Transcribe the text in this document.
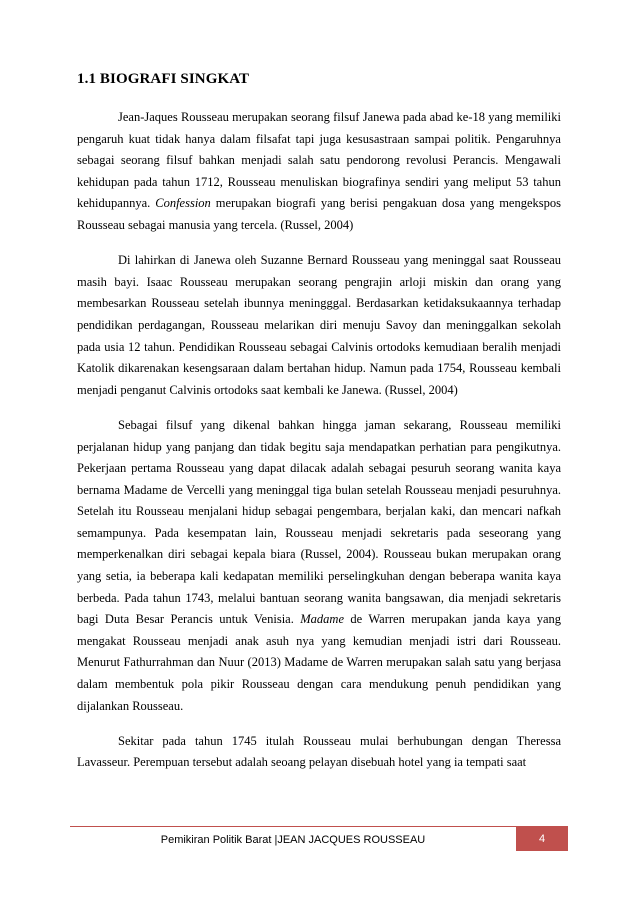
1.1 BIOGRAFI SINGKAT

Jean-Jaques Rousseau merupakan seorang filsuf Janewa pada abad ke-18 yang memiliki pengaruh kuat tidak hanya dalam filsafat tapi juga kesusastraan sampai politik. Pengaruhnya sebagai seorang filsuf bahkan menjadi salah satu pendorong revolusi Perancis. Mengawali kehidupan pada tahun 1712, Rousseau menuliskan biografinya sendiri yang meliput 53 tahun kehidupannya. Confession merupakan biografi yang berisi pengakuan dosa yang mengekspos Rousseau sebagai manusia yang tercela. (Russel, 2004)

Di lahirkan di Janewa oleh Suzanne Bernard Rousseau yang meninggal saat Rousseau masih bayi. Isaac Rousseau merupakan seorang pengrajin arloji miskin dan orang yang membesarkan Rousseau setelah ibunnya meningggal. Berdasarkan ketidaksukaannya terhadap pendidikan perdagangan, Rousseau melarikan diri menuju Savoy dan meninggalkan sekolah pada usia 12 tahun. Pendidikan Rousseau sebagai Calvinis ortodoks kemudiaan beralih menjadi Katolik dikarenakan kesengsaraan dalam bertahan hidup. Namun pada 1754, Rousseau kembali menjadi penganut Calvinis ortodoks saat kembali ke Janewa. (Russel, 2004)

Sebagai filsuf yang dikenal bahkan hingga jaman sekarang, Rousseau memiliki perjalanan hidup yang panjang dan tidak begitu saja mendapatkan perhatian para pengikutnya. Pekerjaan pertama Rousseau yang dapat dilacak adalah sebagai pesuruh seorang wanita kaya bernama Madame de Vercelli yang meninggal tiga bulan setelah Rousseau menjadi pesuruhnya. Setelah itu Rousseau menjalani hidup sebagai pengembara, berjalan kaki, dan mencari nafkah semampunya. Pada kesempatan lain, Rousseau menjadi sekretaris pada seseorang yang memperkenalkan diri sebagai kepala biara (Russel, 2004). Rousseau bukan merupakan orang yang setia, ia beberapa kali kedapatan memiliki perselingkuhan dengan beberapa wanita kaya berbeda. Pada tahun 1743, melalui bantuan seorang wanita bangsawan, dia menjadi sekretaris bagi Duta Besar Perancis untuk Venisia. Madame de Warren merupakan janda kaya yang mengakat Rousseau menjadi anak asuh nya yang kemudian menjadi istri dari Rousseau. Menurut Fathurrahman dan Nuur (2013) Madame de Warren merupakan salah satu yang berjasa dalam membentuk pola pikir Rousseau dengan cara mendukung penuh pendidikan yang dijalankan Rousseau.

Sekitar pada tahun 1745 itulah Rousseau mulai berhubungan dengan Theressa Lavasseur. Perempuan tersebut adalah seoang pelayan disebuah hotel yang ia tempati saat

Pemikiran Politik Barat |JEAN JACQUES ROUSSEAU	4
